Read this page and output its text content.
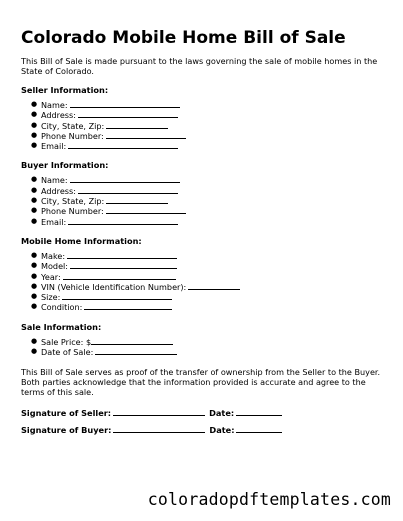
Colorado Mobile Home Bill of Sale

This Bill of Sale is made pursuant to the laws governing the sale of mobile homes in the State of Colorado.

Seller Information:
● Name:
● Address:
● City, State, Zip:
● Phone Number:
● Email:
Buyer Information:
● Name:
● Address:
● City, State, Zip:
● Phone Number:
● Email:
Mobile Home Information:
● Make:
● Model:
● Year:
● VIN (Vehicle Identification Number):
● Size:
● Condition:
Sale Information:
● Sale Price: $
● Date of Sale:

This Bill of Sale serves as proof of the transfer of ownership from the Seller to the Buyer. Both parties acknowledge that the information provided is accurate and agree to the terms of this sale.

Signature of Seller:	Date:
Signature of Buyer:	Date:
coloradopdftemplates.com
